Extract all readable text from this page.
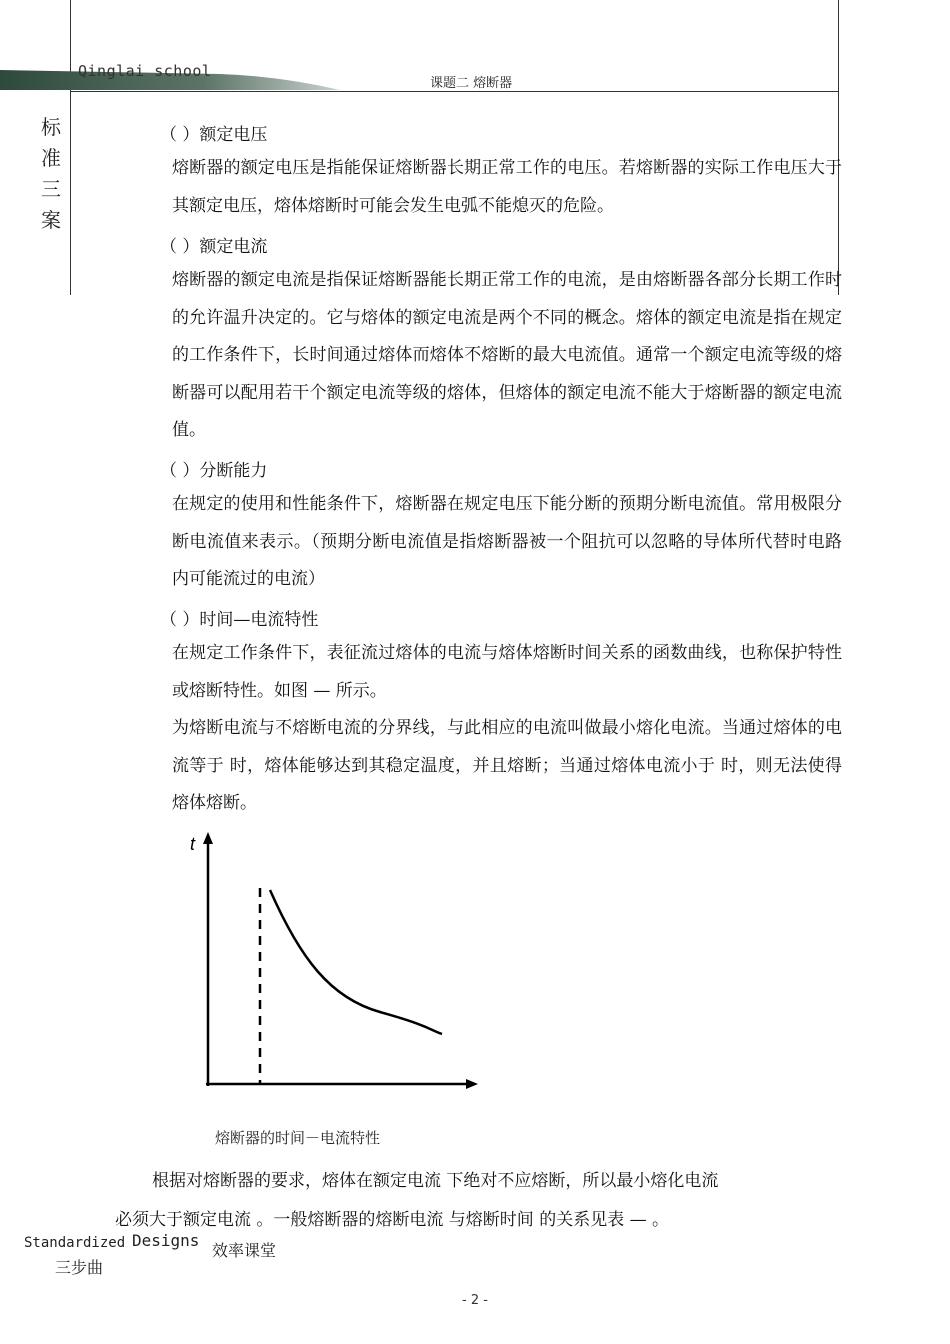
Qinglai school
课题二 熔断器
标
准
三
案
（ ）额定电压
熔断器的额定电压是指能保证熔断器长期正常工作的电压。若熔断器的实际工作电压大于其额定电压，熔体熔断时可能会发生电弧不能熄灭的危险。
（ ）额定电流
熔断器的额定电流是指保证熔断器能长期正常工作的电流，是由熔断器各部分长期工作时的允许温升决定的。它与熔体的额定电流是两个不同的概念。熔体的额定电流是指在规定的工作条件下，长时间通过熔体而熔体不熔断的最大电流值。通常一个额定电流等级的熔断器可以配用若干个额定电流等级的熔体，但熔体的额定电流不能大于熔断器的额定电流值。
（ ）分断能力
在规定的使用和性能条件下，熔断器在规定电压下能分断的预期分断电流值。常用极限分断电流值来表示。（预期分断电流值是指熔断器被一个阻抗可以忽略的导体所代替时电路内可能流过的电流）
（ ）时间—电流特性
在规定工作条件下，表征流过熔体的电流与熔体熔断时间关系的函数曲线，也称保护特性或熔断特性。如图 — 所示。
为熔断电流与不熔断电流的分界线，与此相应的电流叫做最小熔化电流。当通过熔体的电流等于 时，熔体能够达到其稳定温度，并且熔断；当通过熔体电流小于 时，则无法使得熔体熔断。
t
熔断器的时间－电流特性
根据对熔断器的要求，熔体在额定电流 下绝对不应熔断，所以最小熔化电流
必须大于额定电流 。一般熔断器的熔断电流 与熔断时间 的关系见表 — 。
Standardized Designs
效率课堂
三步曲
- 2 -
